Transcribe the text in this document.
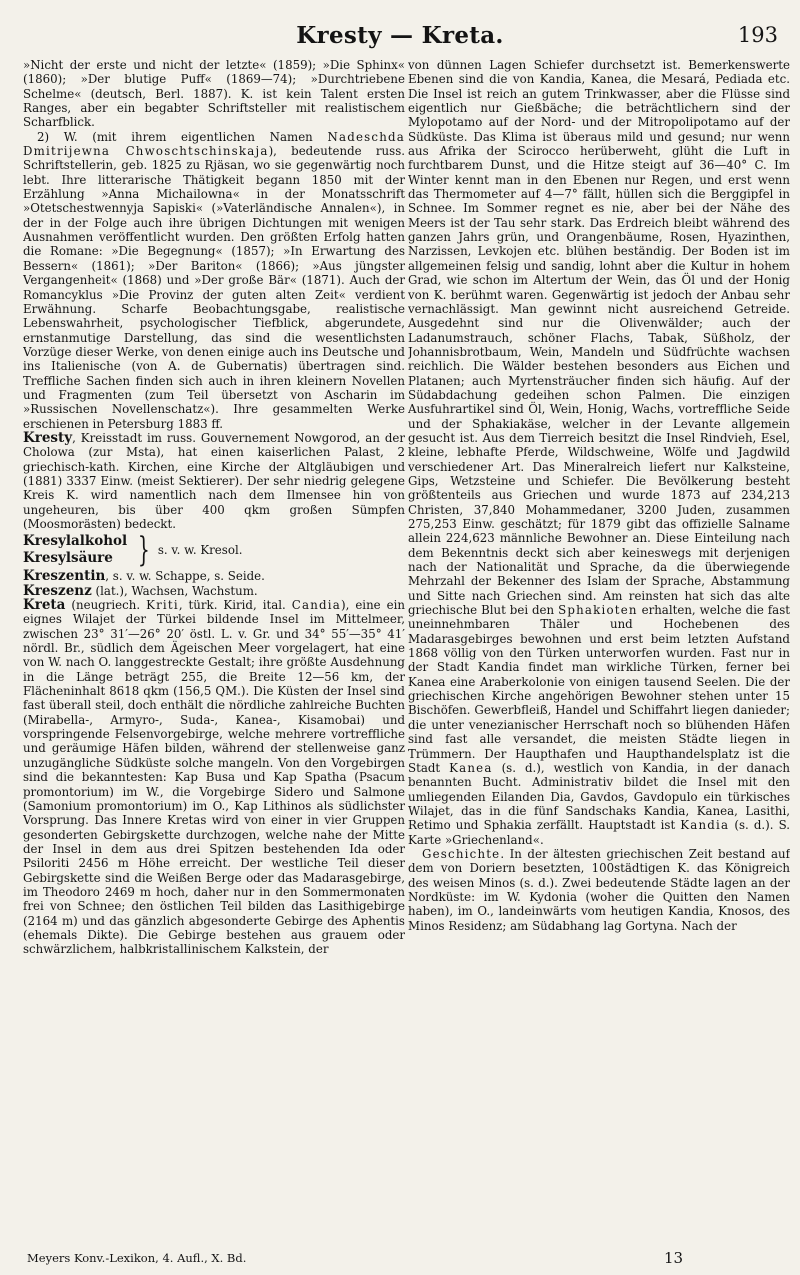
Kresty — Kreta.	193

»Nicht der erste und nicht der letzte« (1859); »Die Sphinx« (1860); »Der blutige Puff« (1869—74); »Durchtriebene Schelme« (deutsch, Berl. 1887). K. ist kein Talent ersten Ranges, aber ein begabter Schriftsteller mit realistischem Scharfblick.

2) W. (mit ihrem eigentlichen Namen Nadeschda Dmitrijewna Chwoschtschinskaja), bedeutende russ. Schriftstellerin, geb. 1825 zu Rjäsan, wo sie gegenwärtig noch lebt. Ihre litterarische Thätigkeit begann 1850 mit der Erzählung »Anna Michailowna« in der Monatsschrift »Otetschestwennyja Sapiski« (»Vaterländische Annalen«), in der in der Folge auch ihre übrigen Dichtungen mit wenigen Ausnahmen veröffentlicht wurden. Den größten Erfolg hatten die Romane: »Die Begegnung« (1857); »In Erwartung des Bessern« (1861); »Der Bariton« (1866); »Aus jüngster Vergangenheit« (1868) und »Der große Bär« (1871). Auch der Romancyklus »Die Provinz der guten alten Zeit« verdient Erwähnung. Scharfe Beobachtungsgabe, realistische Lebenswahrheit, psychologischer Tiefblick, abgerundete, ernstanmutige Darstellung, das sind die wesentlichsten Vorzüge dieser Werke, von denen einige auch ins Deutsche und ins Italienische (von A. de Gubernatis) übertragen sind. Treffliche Sachen finden sich auch in ihren kleinern Novellen und Fragmenten (zum Teil übersetzt von Ascharin im »Russischen Novellenschatz«). Ihre gesammelten Werke erschienen in Petersburg 1883 ff.

Kresty, Kreisstadt im russ. Gouvernement Nowgorod, an der Cholowa (zur Msta), hat einen kaiserlichen Palast, 2 griechisch-kath. Kirchen, eine Kirche der Altgläubigen und (1881) 3337 Einw. (meist Sektierer). Der sehr niedrig gelegene Kreis K. wird namentlich nach dem Ilmensee hin von ungeheuren, bis über 400 qkm großen Sümpfen (Moosmorästen) bedeckt.

Kresylalkohol
Kresylsäure } s. v. w. Kresol.

Kreszentin, s. v. w. Schappe, s. Seide.

Kreszenz (lat.), Wachsen, Wachstum.

Kreta (neugriech. Kriti, türk. Kirid, ital. Candia), eine ein eignes Wilajet der Türkei bildende Insel im Mittelmeer, zwischen 23° 31′—26° 20′ östl. L. v. Gr. und 34° 55′—35° 41′ nördl. Br., südlich dem Ägeischen Meer vorgelagert, hat eine von W. nach O. langgestreckte Gestalt; ihre größte Ausdehnung in die Länge beträgt 255, die Breite 12—56 km, der Flächeninhalt 8618 qkm (156,5 QM.). Die Küsten der Insel sind fast überall steil, doch enthält die nördliche zahlreiche Buchten (Mirabella-, Armyro-, Suda-, Kanea-, Kisamobai) und vorspringende Felsenvorgebirge, welche mehrere vortreffliche und geräumige Häfen bilden, während der stellenweise ganz unzugängliche Südküste solche mangeln. Von den Vorgebirgen sind die bekanntesten: Kap Busa und Kap Spatha (Psacum promontorium) im W., die Vorgebirge Sidero und Salmone (Samonium promontorium) im O., Kap Lithinos als südlichster Vorsprung. Das Innere Kretas wird von einer in vier Gruppen gesonderten Gebirgskette durchzogen, welche nahe der Mitte der Insel in dem aus drei Spitzen bestehenden Ida oder Psiloriti 2456 m Höhe erreicht. Der westliche Teil dieser Gebirgskette sind die Weißen Berge oder das Madarasgebirge, im Theodoro 2469 m hoch, daher nur in den Sommermonaten frei von Schnee; den östlichen Teil bilden das Lasithigebirge (2164 m) und das gänzlich abgesonderte Gebirge des Aphentis (ehemals Dikte). Die Gebirge bestehen aus grauem oder schwärzlichem, halbkristallinischem Kalkstein, der

von dünnen Lagen Schiefer durchsetzt ist. Bemerkenswerte Ebenen sind die von Kandia, Kanea, die Mesará, Pediada etc. Die Insel ist reich an gutem Trinkwasser, aber die Flüsse sind eigentlich nur Gießbäche; die beträchtlichern sind der Mylopotamo auf der Nord- und der Mitropolipotamo auf der Südküste. Das Klima ist überaus mild und gesund; nur wenn aus Afrika der Scirocco herüberweht, glüht die Luft in furchtbarem Dunst, und die Hitze steigt auf 36—40° C. Im Winter kennt man in den Ebenen nur Regen, und erst wenn das Thermometer auf 4—7° fällt, hüllen sich die Berggipfel in Schnee. Im Sommer regnet es nie, aber bei der Nähe des Meers ist der Tau sehr stark. Das Erdreich bleibt während des ganzen Jahrs grün, und Orangenbäume, Rosen, Hyazinthen, Narzissen, Levkojen etc. blühen beständig. Der Boden ist im allgemeinen felsig und sandig, lohnt aber die Kultur in hohem Grad, wie schon im Altertum der Wein, das Öl und der Honig von K. berühmt waren. Gegenwärtig ist jedoch der Anbau sehr vernachlässigt. Man gewinnt nicht ausreichend Getreide. Ausgedehnt sind nur die Olivenwälder; auch der Ladanumstrauch, schöner Flachs, Tabak, Süßholz, der Johannisbrotbaum, Wein, Mandeln und Südfrüchte wachsen reichlich. Die Wälder bestehen besonders aus Eichen und Platanen; auch Myrtensträucher finden sich häufig. Auf der Südabdachung gedeihen schon Palmen. Die einzigen Ausfuhrartikel sind Öl, Wein, Honig, Wachs, vortreffliche Seide und der Sphakiakäse, welcher in der Levante allgemein gesucht ist. Aus dem Tierreich besitzt die Insel Rindvieh, Esel, kleine, lebhafte Pferde, Wildschweine, Wölfe und Jagdwild verschiedener Art. Das Mineralreich liefert nur Kalksteine, Gips, Wetzsteine und Schiefer. Die Bevölkerung besteht größtenteils aus Griechen und wurde 1873 auf 234,213 Christen, 37,840 Mohammedaner, 3200 Juden, zusammen 275,253 Einw. geschätzt; für 1879 gibt das offizielle Salname allein 224,623 männliche Bewohner an. Diese Einteilung nach dem Bekenntnis deckt sich aber keineswegs mit derjenigen nach der Nationalität und Sprache, da die überwiegende Mehrzahl der Bekenner des Islam der Sprache, Abstammung und Sitte nach Griechen sind. Am reinsten hat sich das alte griechische Blut bei den Sphakioten erhalten, welche die fast uneinnehmbaren Thäler und Hochebenen des Madarasgebirges bewohnen und erst beim letzten Aufstand 1868 völlig von den Türken unterworfen wurden. Fast nur in der Stadt Kandia findet man wirkliche Türken, ferner bei Kanea eine Araberkolonie von einigen tausend Seelen. Die der griechischen Kirche angehörigen Bewohner stehen unter 15 Bischöfen. Gewerbfleiß, Handel und Schiffahrt liegen danieder; die unter venezianischer Herrschaft noch so blühenden Häfen sind fast alle versandet, die meisten Städte liegen in Trümmern. Der Haupthafen und Haupthandelsplatz ist die Stadt Kanea (s. d.), westlich von Kandia, in der danach benannten Bucht. Administrativ bildet die Insel mit den umliegenden Eilanden Dia, Gavdos, Gavdopulo ein türkisches Wilajet, das in die fünf Sandschaks Kandia, Kanea, Lasithi, Retimo und Sphakia zerfällt. Hauptstadt ist Kandia (s. d.). S. Karte »Griechenland«.

Geschichte. In der ältesten griechischen Zeit bestand auf dem von Doriern besetzten, 100städtigen K. das Königreich des weisen Minos (s. d.). Zwei bedeutende Städte lagen an der Nordküste: im W. Kydonia (woher die Quitten den Namen haben), im O., landeinwärts vom heutigen Kandia, Knosos, des Minos Residenz; am Südabhang lag Gortyna. Nach der

Meyers Konv.-Lexikon, 4. Aufl., X. Bd.	13
